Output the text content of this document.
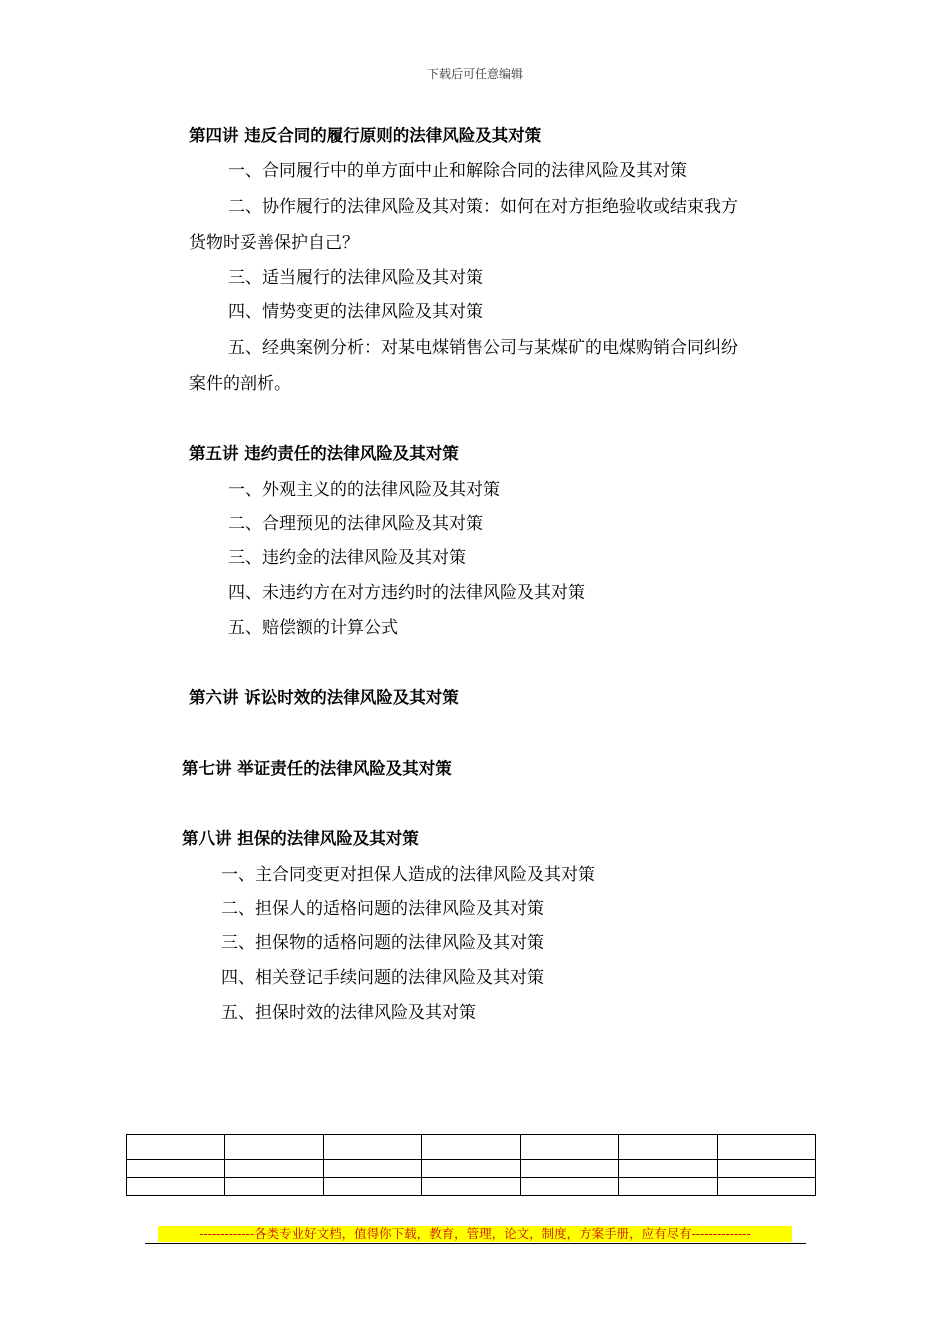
下载后可任意编辑
第四讲 违反合同的履行原则的法律风险及其对策
一、合同履行中的单方面中止和解除合同的法律风险及其对策
二、协作履行的法律风险及其对策：如何在对方拒绝验收或结束我方
货物时妥善保护自己？
三、适当履行的法律风险及其对策
四、情势变更的法律风险及其对策
五、经典案例分析：对某电煤销售公司与某煤矿的电煤购销合同纠纷
案件的剖析。
第五讲 违约责任的法律风险及其对策
一、外观主义的的法律风险及其对策
二、合理预见的法律风险及其对策
三、违约金的法律风险及其对策
四、未违约方在对方违约时的法律风险及其对策
五、赔偿额的计算公式
第六讲 诉讼时效的法律风险及其对策
第七讲 举证责任的法律风险及其对策
第八讲 担保的法律风险及其对策
一、主合同变更对担保人造成的法律风险及其对策
二、担保人的适格问题的法律风险及其对策
三、担保物的适格问题的法律风险及其对策
四、相关登记手续问题的法律风险及其对策
五、担保时效的法律风险及其对策

-------------各类专业好文档，值得你下载，教育，管理，论文，制度，方案手册，应有尽有--------------
